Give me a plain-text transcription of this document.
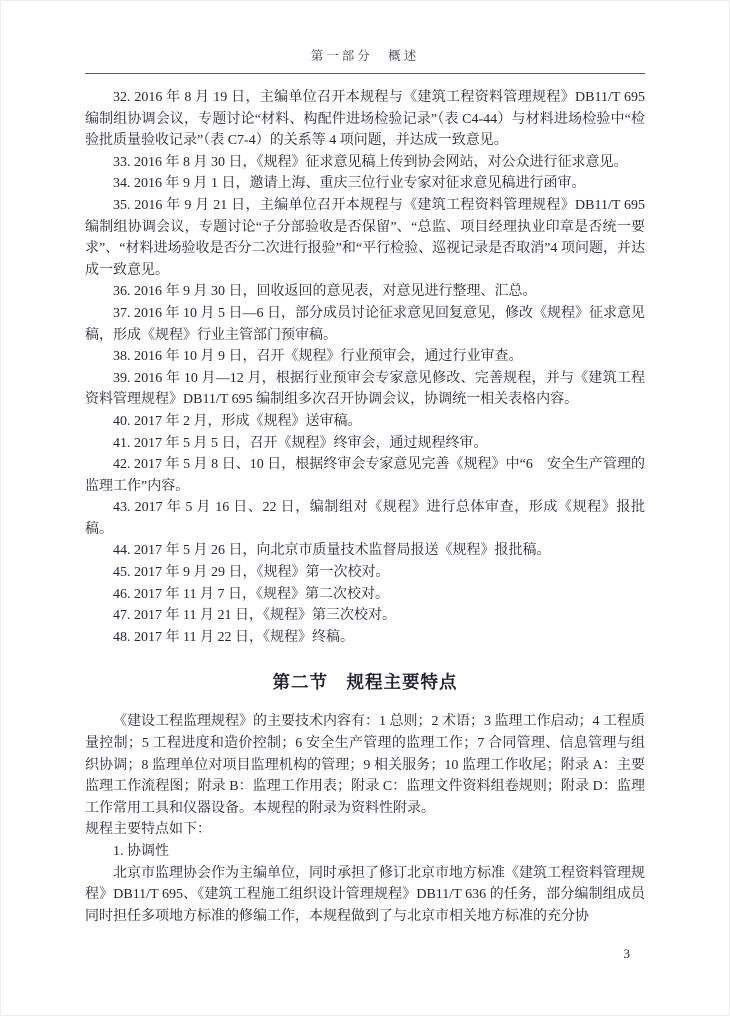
第一部分　概述

32. 2016 年 8 月 19 日，主编单位召开本规程与《建筑工程资料管理规程》DB11/T 695 编制组协调会议，专题讨论“材料、构配件进场检验记录”（表 C4-44）与材料进场检验中“检验批质量验收记录”（表 C7-4）的关系等 4 项问题，并达成一致意见。

33. 2016 年 8 月 30 日，《规程》征求意见稿上传到协会网站，对公众进行征求意见。

34. 2016 年 9 月 1 日，邀请上海、重庆三位行业专家对征求意见稿进行函审。

35. 2016 年 9 月 21 日，主编单位召开本规程与《建筑工程资料管理规程》DB11/T 695 编制组协调会议，专题讨论“子分部验收是否保留”、“总监、项目经理执业印章是否统一要求”、“材料进场验收是否分二次进行报验”和“平行检验、巡视记录是否取消”4 项问题，并达成一致意见。

36. 2016 年 9 月 30 日，回收返回的意见表，对意见进行整理、汇总。

37. 2016 年 10 月 5 日—6 日，部分成员讨论征求意见回复意见，修改《规程》征求意见稿，形成《规程》行业主管部门预审稿。

38. 2016 年 10 月 9 日，召开《规程》行业预审会，通过行业审查。

39. 2016 年 10 月—12 月，根据行业预审会专家意见修改、完善规程，并与《建筑工程资料管理规程》DB11/T 695 编制组多次召开协调会议，协调统一相关表格内容。

40. 2017 年 2 月，形成《规程》送审稿。

41. 2017 年 5 月 5 日，召开《规程》终审会，通过规程终审。

42. 2017 年 5 月 8 日、10 日，根据终审会专家意见完善《规程》中“6　安全生产管理的监理工作”内容。

43. 2017 年 5 月 16 日、22 日，编制组对《规程》进行总体审查，形成《规程》报批稿。

44. 2017 年 5 月 26 日，向北京市质量技术监督局报送《规程》报批稿。

45. 2017 年 9 月 29 日，《规程》第一次校对。

46. 2017 年 11 月 7 日，《规程》第二次校对。

47. 2017 年 11 月 21 日，《规程》第三次校对。

48. 2017 年 11 月 22 日，《规程》终稿。

第二节　规程主要特点

《建设工程监理规程》的主要技术内容有：1 总则；2 术语；3 监理工作启动；4 工程质量控制；5 工程进度和造价控制；6 安全生产管理的监理工作；7 合同管理、信息管理与组织协调；8 监理单位对项目监理机构的管理；9 相关服务；10 监理工作收尾；附录 A：主要监理工作流程图；附录 B：监理工作用表；附录 C：监理文件资料组卷规则；附录 D：监理工作常用工具和仪器设备。本规程的附录为资料性附录。

规程主要特点如下：

1. 协调性

北京市监理协会作为主编单位，同时承担了修订北京市地方标准《建筑工程资料管理规程》DB11/T 695、《建筑工程施工组织设计管理规程》DB11/T 636 的任务，部分编制组成员同时担任多项地方标准的修编工作，本规程做到了与北京市相关地方标准的充分协

3
